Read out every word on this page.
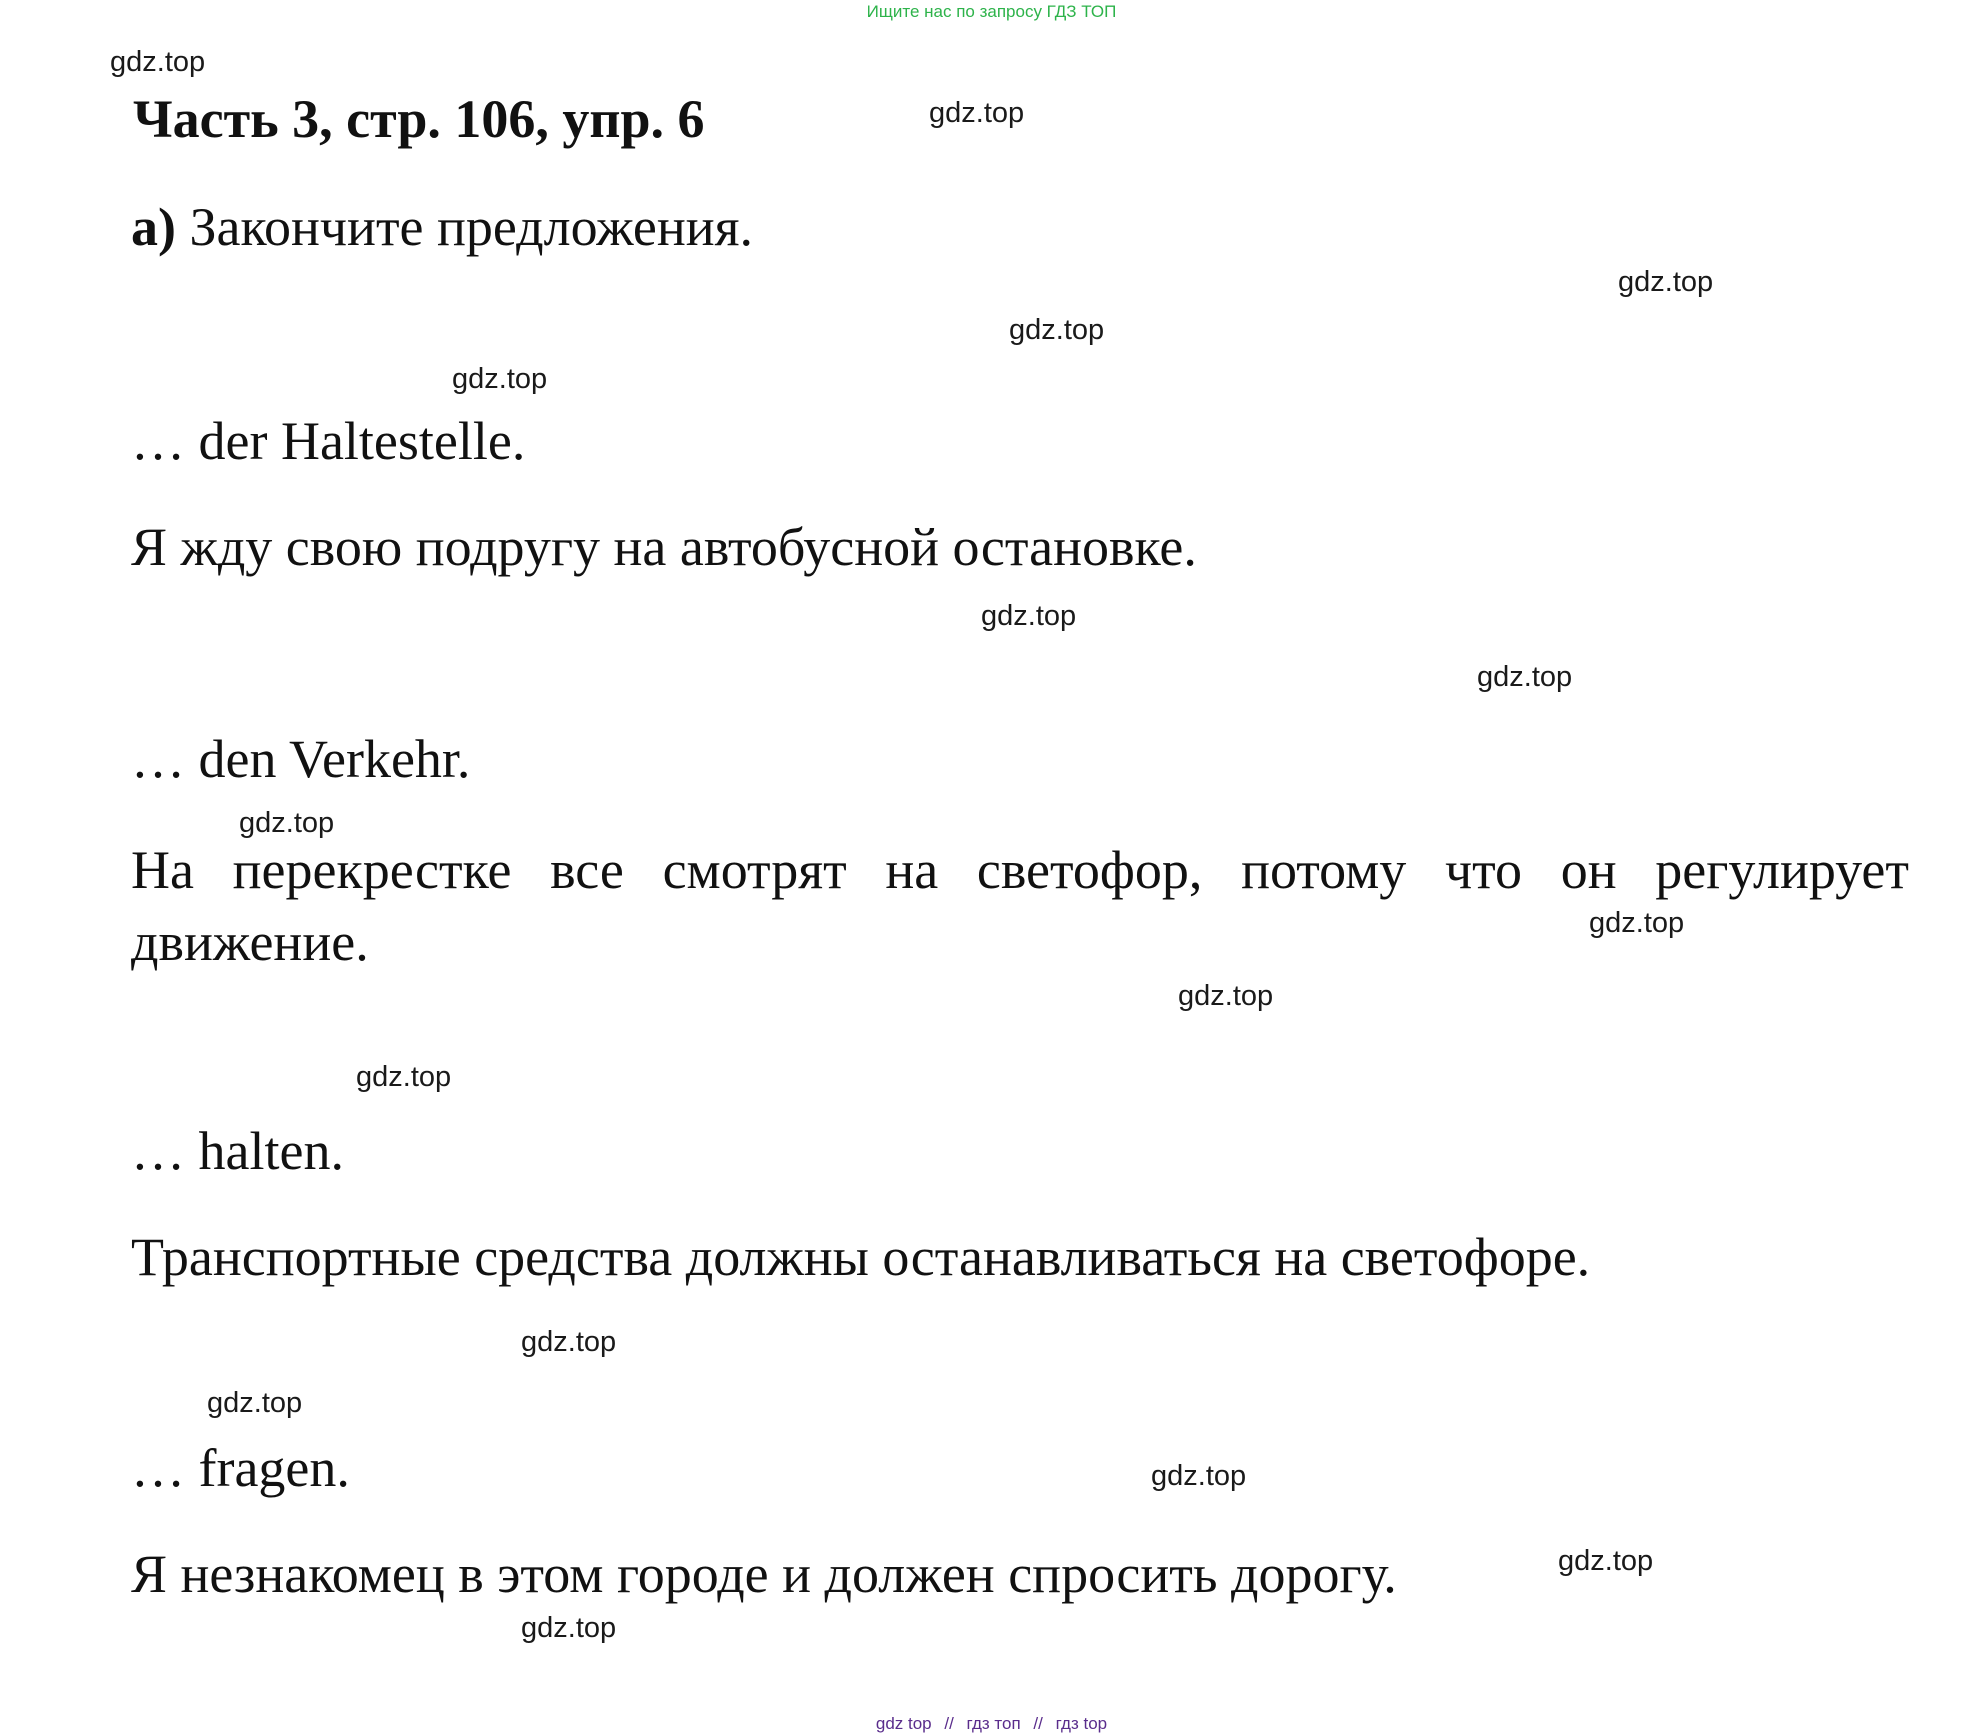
Ищите нас по запросу ГДЗ ТОП
gdz.top
gdz.top
gdz.top
gdz.top
gdz.top
gdz.top
gdz.top
gdz.top
gdz.top
gdz.top
gdz.top
gdz.top
gdz.top
gdz.top
gdz.top
gdz.top
Часть 3, стр. 106, упр. 6
а) Закончите предложения.
… der Haltestelle.
Я жду свою подругу на автобусной остановке.
… den Verkehr.
На перекрестке все смотрят на светофор, потому что он регулирует движение.
… halten.
Транспортные средства должны останавливаться на светофоре.
… fragen.
Я незнакомец в этом городе и должен спросить дорогу.
gdz top // гдз топ // гдз top
